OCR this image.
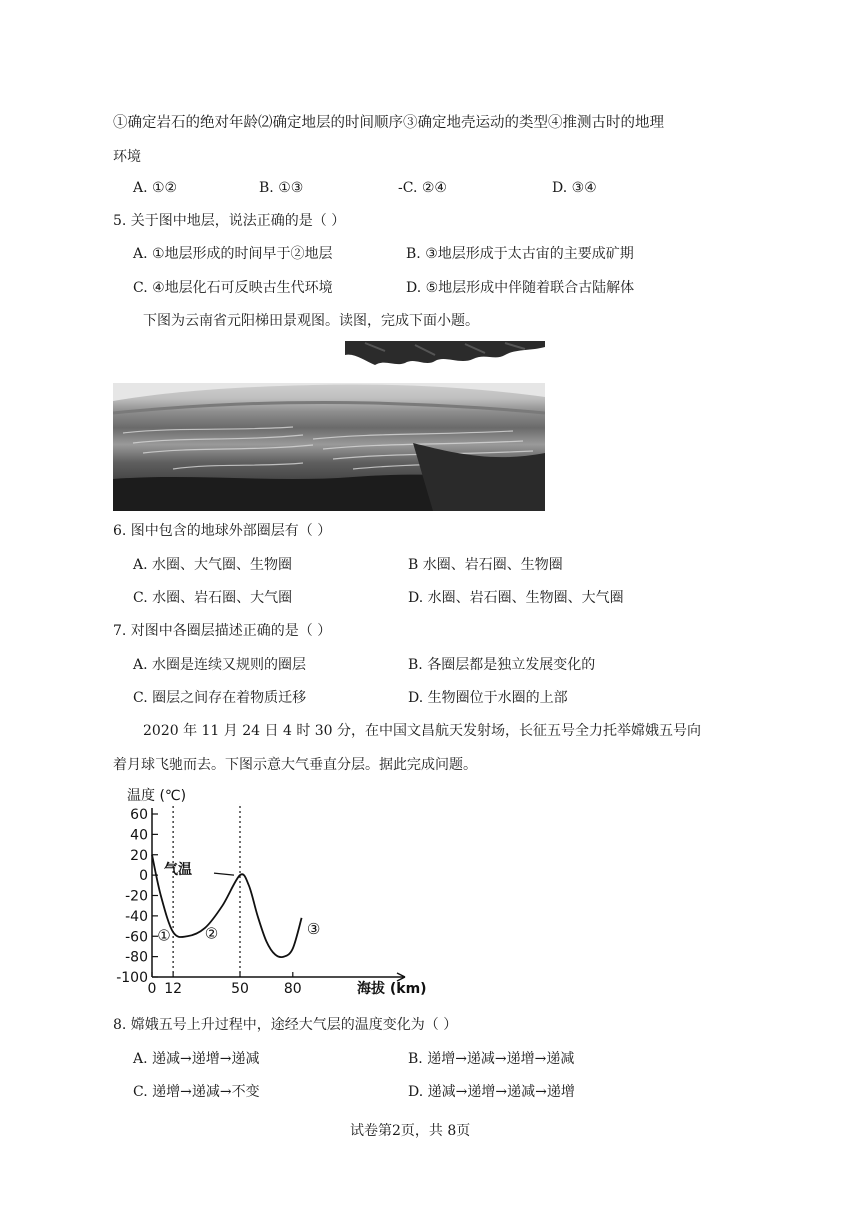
①确定岩石的绝对年龄⑵确定地层的时间顺序③确定地壳运动的类型④推测古时的地理
环境
A. ①②	B. ①③	-C. ②④	D. ③④
5. 关于图中地层，说法正确的是（ ）
A. ①地层形成的时间早于②地层	B. ③地层形成于太古宙的主要成矿期
C. ④地层化石可反映古生代环境	D. ⑤地层形成中伴随着联合古陆解体
下图为云南省元阳梯田景观图。读图，完成下面小题。
6. 图中包含的地球外部圈层有（ ）
A. 水圈、大气圈、生物圈	B 水圈、岩石圈、生物圈
C. 水圈、岩石圈、大气圈	D. 水圈、岩石圈、生物圈、大气圈
7. 对图中各圈层描述正确的是（ ）
A. 水圈是连续又规则的圈层	B. 各圈层都是独立发展变化的
C. 圈层之间存在着物质迁移	D. 生物圈位于水圈的上部
2020 年 11 月 24 日 4 时 30 分，在中国文昌航天发射场，长征五号全力托举嫦娥五号向
着月球飞驰而去。下图示意大气垂直分层。据此完成问题。
温度 (℃)
60
40
20
0
-20
-40
-60
-80
-100
0 12	50 80
气温
① ②	③
海拔 (km)
8. 嫦娥五号上升过程中，途经大气层的温度变化为（ ）
A. 递减→递增→递减	B. 递增→递减→递增→递减
C. 递增→递减→不变	D. 递减→递增→递减→递增
试卷第2页，共 8页
